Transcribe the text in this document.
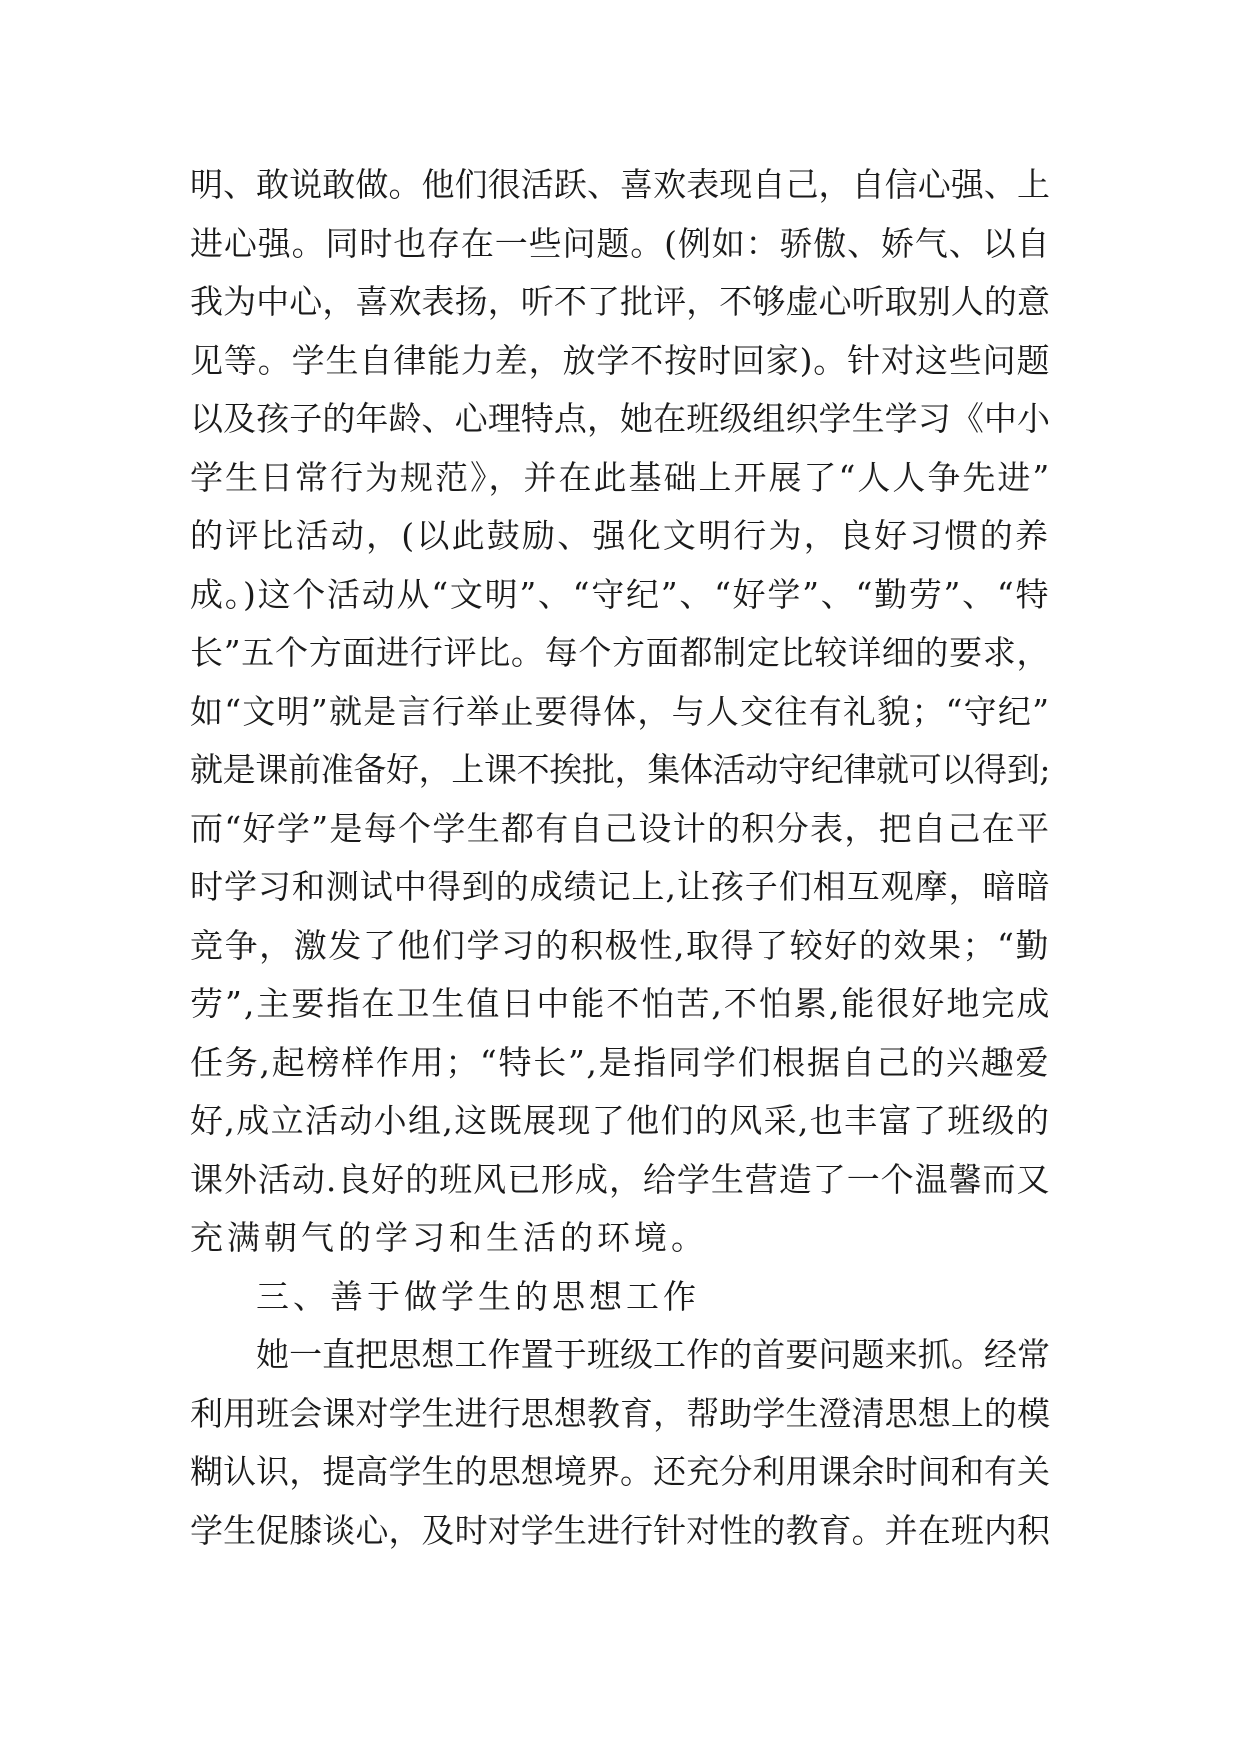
明、敢说敢做。他们很活跃、喜欢表现自己，自信心强、上
进心强。同时也存在一些问题。(例如：骄傲、娇气、以自
我为中心，喜欢表扬，听不了批评，不够虚心听取别人的意
见等。学生自律能力差，放学不按时回家)。针对这些问题
以及孩子的年龄、心理特点，她在班级组织学生学习《中小
学生日常行为规范》，并在此基础上开展了“人人争先进”
的评比活动，(以此鼓励、强化文明行为，良好习惯的养
成。)这个活动从“文明”、“守纪”、“好学”、“勤劳”、“特
长”五个方面进行评比。每个方面都制定比较详细的要求，
如“文明”就是言行举止要得体，与人交往有礼貌；“守纪”
就是课前准备好，上课不挨批，集体活动守纪律就可以得到;
而“好学”是每个学生都有自己设计的积分表，把自己在平
时学习和测试中得到的成绩记上,让孩子们相互观摩，暗暗
竞争，激发了他们学习的积极性,取得了较好的效果；“勤
劳”,主要指在卫生值日中能不怕苦,不怕累,能很好地完成
任务,起榜样作用；“特长”,是指同学们根据自己的兴趣爱
好,成立活动小组,这既展现了他们的风采,也丰富了班级的
课外活动.良好的班风已形成，给学生营造了一个温馨而又
充满朝气的学习和生活的环境。
三、善于做学生的思想工作
她一直把思想工作置于班级工作的首要问题来抓。经常
利用班会课对学生进行思想教育，帮助学生澄清思想上的模
糊认识，提高学生的思想境界。还充分利用课余时间和有关
学生促膝谈心，及时对学生进行针对性的教育。并在班内积
